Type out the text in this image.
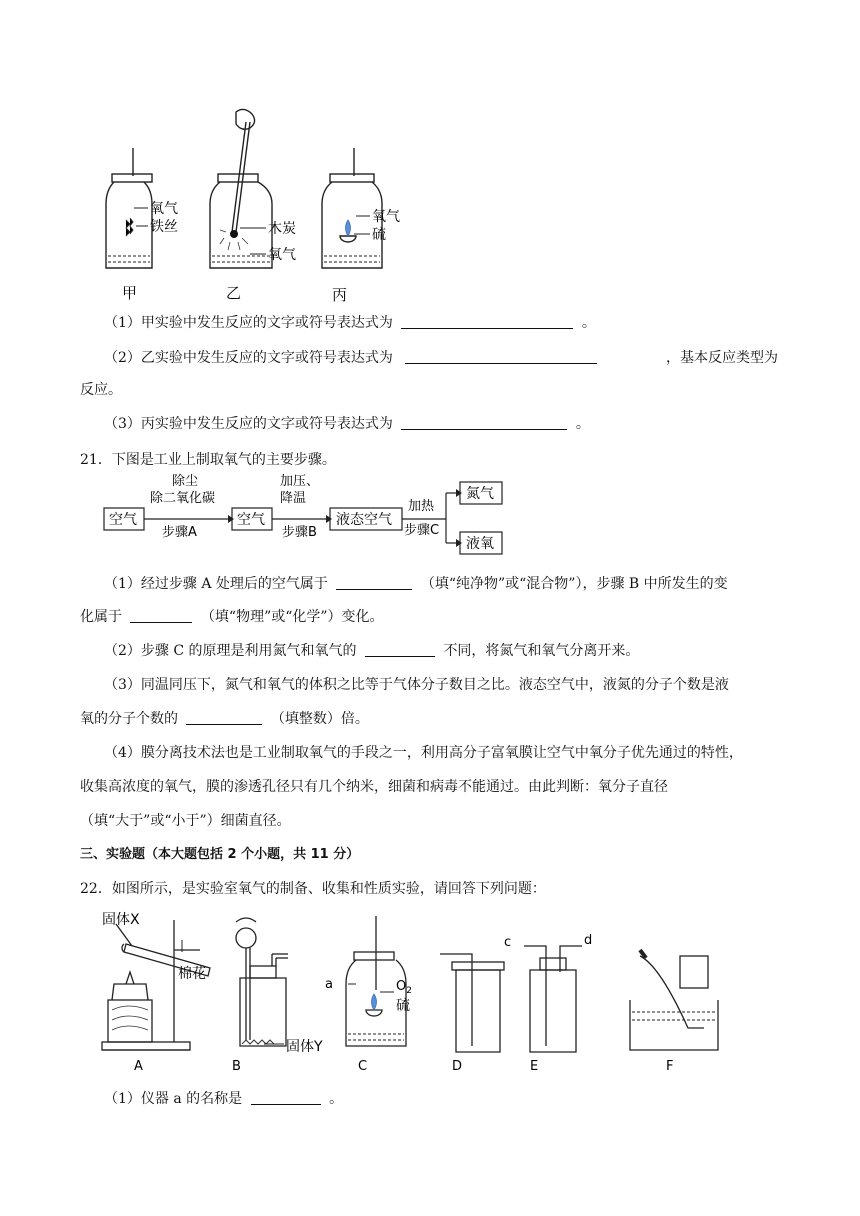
氧气
铁丝	木炭
氧气
氧气
硫
甲	乙	丙
（1）甲实验中发生反应的文字或符号表达式为	。
（2）乙实验中发生反应的文字或符号表达式为	，基本反应类型为
反应。
（3）丙实验中发生反应的文字或符号表达式为	。
21．下图是工业上制取氧气的主要步骤。
空气
除尘
除二氧化碳
步骤A
空气
加压、
降温
步骤B
液态空气
加热
步骤C
氮气
液氧
（1）经过步骤 A 处理后的空气属于	（填“纯净物”或“混合物”），步骤 B 中所发生的变
化属于	（填“物理”或“化学”）变化。
（2）步骤 C 的原理是利用氮气和氧气的	不同，将氮气和氧气分离开来。
（3）同温同压下，氮气和氧气的体积之比等于气体分子数目之比。液态空气中，液氮的分子个数是液
氧的分子个数的	（填整数）倍。
（4）膜分离技术法也是工业制取氧气的手段之一，利用高分子富氧膜让空气中氧分子优先通过的特性，
收集高浓度的氧气，膜的渗透孔径只有几个纳米，细菌和病毒不能通过。由此判断：氧分子直径
（填“大于”或“小于”）细菌直径。
三、实验题（本大题包括 2 个小题，共 11 分）
22．如图所示，是实验室氧气的制备、收集和性质实验，请回答下列问题：
固体X
棉花
固体Y
a	$O_2$
硫
c	d
A	B	C	D	E	F
（1）仪器 a 的名称是	。
